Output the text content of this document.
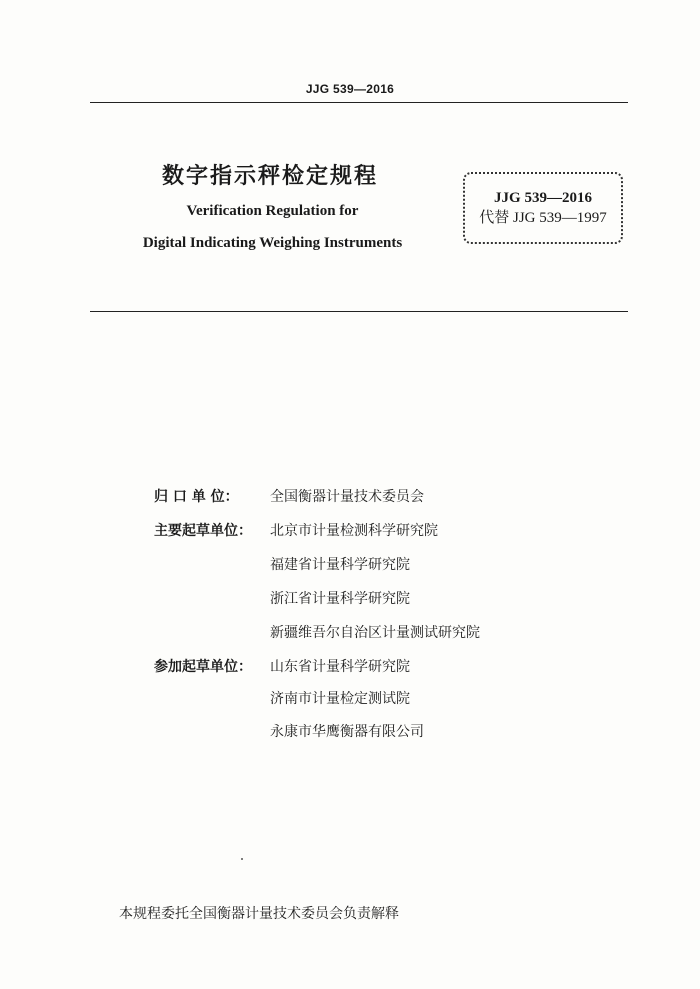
JJG 539—2016
数字指示秤检定规程
Verification Regulation for
Digital Indicating Weighing Instruments
JJG 539—2016
代替 JJG 539—1997
归 口 单 位：	全国衡器计量技术委员会
主要起草单位：	北京市计量检测科学研究院
福建省计量科学研究院
浙江省计量科学研究院
新疆维吾尔自治区计量测试研究院
参加起草单位：	山东省计量科学研究院
济南市计量检定测试院
永康市华鹰衡器有限公司
本规程委托全国衡器计量技术委员会负责解释
